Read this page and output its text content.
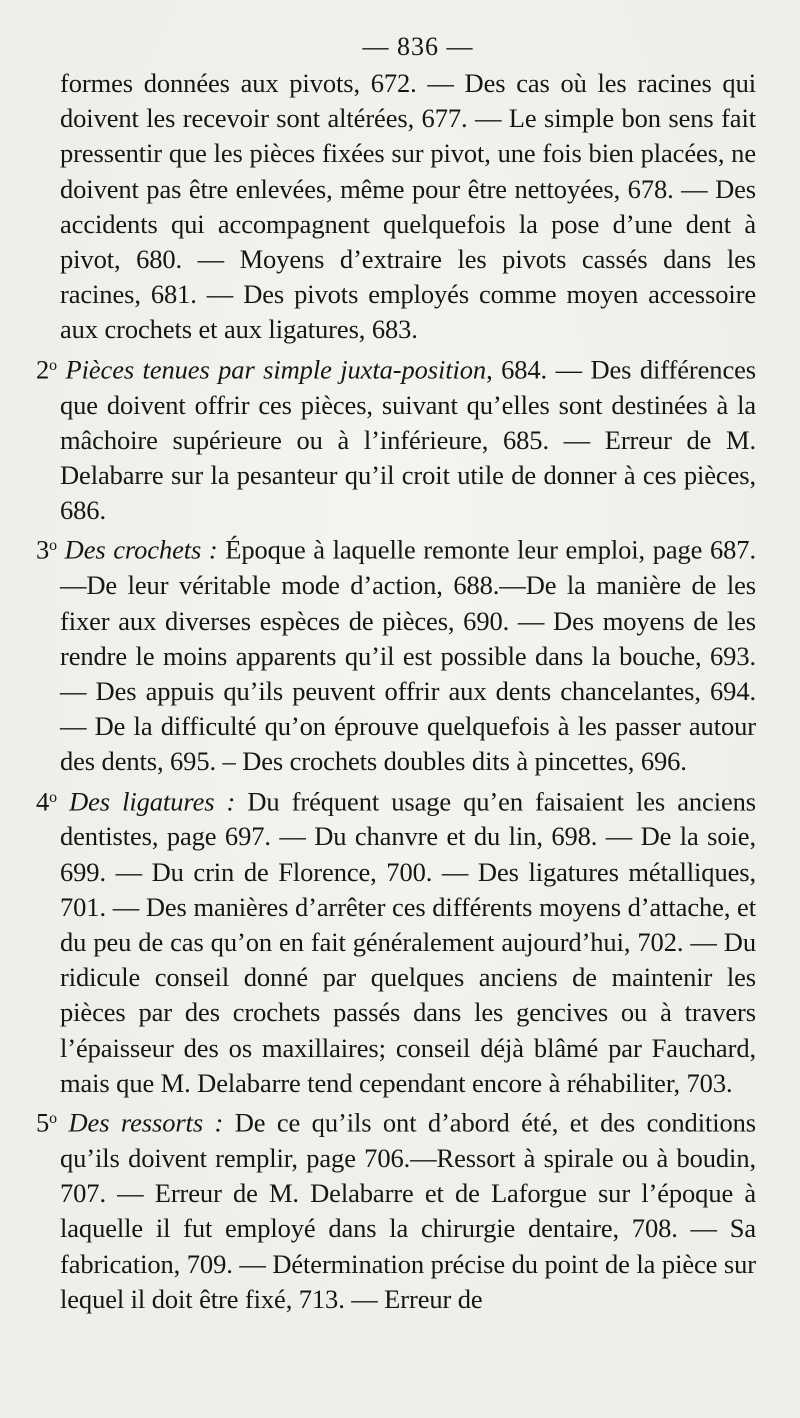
— 836 —

formes données aux pivots, 672. — Des cas où les racines qui doivent les recevoir sont altérées, 677. — Le simple bon sens fait pressentir que les pièces fixées sur pivot, une fois bien placées, ne doivent pas être enlevées, même pour être nettoyées, 678. — Des accidents qui accompagnent quelquefois la pose d’une dent à pivot, 680. — Moyens d’extraire les pivots cassés dans les racines, 681. — Des pivots employés comme moyen accessoire aux crochets et aux ligatures, 683.

2$^o$ Pièces tenues par simple juxta-position, 684. — Des différences que doivent offrir ces pièces, suivant qu’elles sont destinées à la mâchoire supérieure ou à l’inférieure, 685. — Erreur de M. Delabarre sur la pesanteur qu’il croit utile de donner à ces pièces, 686.

3$^o$ Des crochets : Époque à laquelle remonte leur emploi, page 687.—De leur véritable mode d’action, 688.—De la manière de les fixer aux diverses espèces de pièces, 690. — Des moyens de les rendre le moins apparents qu’il est possible dans la bouche, 693. — Des appuis qu’ils peuvent offrir aux dents chancelantes, 694. — De la difficulté qu’on éprouve quelquefois à les passer autour des dents, 695. – Des crochets doubles dits à pincettes, 696.

4$^o$ Des ligatures : Du fréquent usage qu’en faisaient les anciens dentistes, page 697. — Du chanvre et du lin, 698. — De la soie, 699. — Du crin de Florence, 700. — Des ligatures métalliques, 701. — Des manières d’arrêter ces différents moyens d’attache, et du peu de cas qu’on en fait généralement aujourd’hui, 702. — Du ridicule conseil donné par quelques anciens de maintenir les pièces par des crochets passés dans les gencives ou à travers l’épaisseur des os maxillaires; conseil déjà blâmé par Fauchard, mais que M. Delabarre tend cependant encore à réhabiliter, 703.

5$^o$ Des ressorts : De ce qu’ils ont d’abord été, et des conditions qu’ils doivent remplir, page 706.—Ressort à spirale ou à boudin, 707. — Erreur de M. Delabarre et de Laforgue sur l’époque à laquelle il fut employé dans la chirurgie dentaire, 708. — Sa fabrication, 709. — Détermination précise du point de la pièce sur lequel il doit être fixé, 713. — Erreur de
